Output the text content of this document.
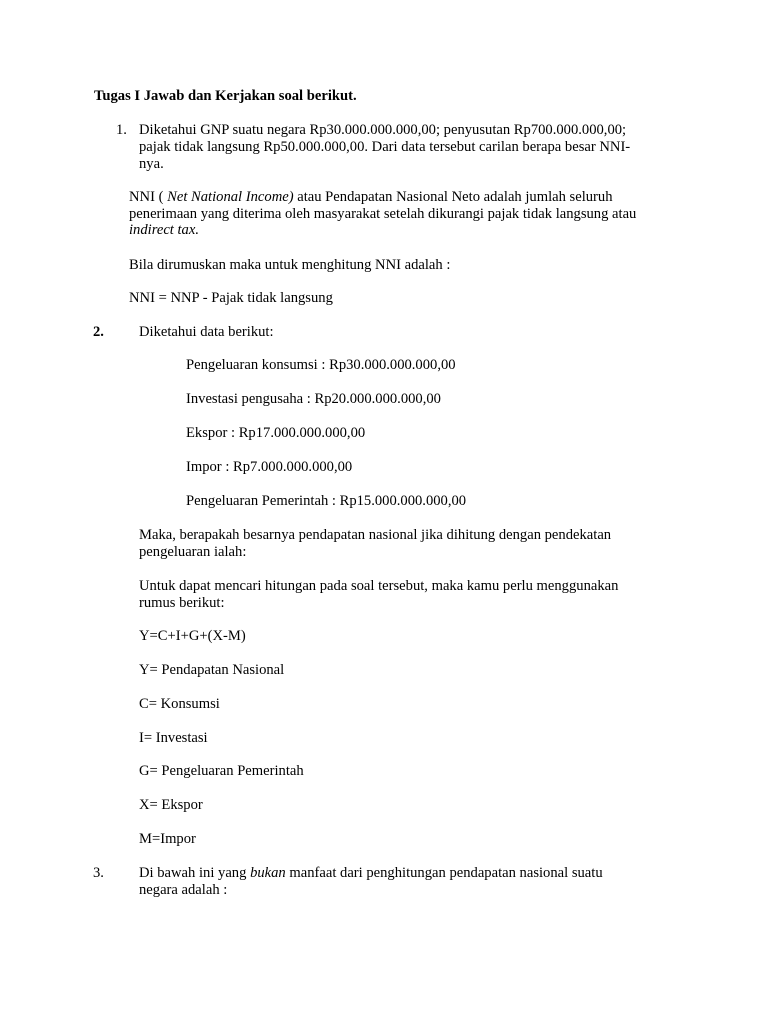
Tugas I Jawab dan Kerjakan soal berikut.
1. Diketahui GNP suatu negara Rp30.000.000.000,00; penyusutan Rp700.000.000,00;
pajak tidak langsung Rp50.000.000,00. Dari data tersebut carilan berapa besar NNI-
nya.
NNI ( Net National Income) atau Pendapatan Nasional Neto adalah jumlah seluruh
penerimaan yang diterima oleh masyarakat setelah dikurangi pajak tidak langsung atau
indirect tax.
Bila dirumuskan maka untuk menghitung NNI adalah :
NNI = NNP - Pajak tidak langsung
2. Diketahui data berikut:
Pengeluaran konsumsi : Rp30.000.000.000,00
Investasi pengusaha : Rp20.000.000.000,00
Ekspor : Rp17.000.000.000,00
Impor : Rp7.000.000.000,00
Pengeluaran Pemerintah : Rp15.000.000.000,00
Maka, berapakah besarnya pendapatan nasional jika dihitung dengan pendekatan
pengeluaran ialah:
Untuk dapat mencari hitungan pada soal tersebut, maka kamu perlu menggunakan
rumus berikut:
Y=C+I+G+(X-M)
Y= Pendapatan Nasional
C= Konsumsi
I= Investasi
G= Pengeluaran Pemerintah
X= Ekspor
M=Impor
3. Di bawah ini yang bukan manfaat dari penghitungan pendapatan nasional suatu
negara adalah :
